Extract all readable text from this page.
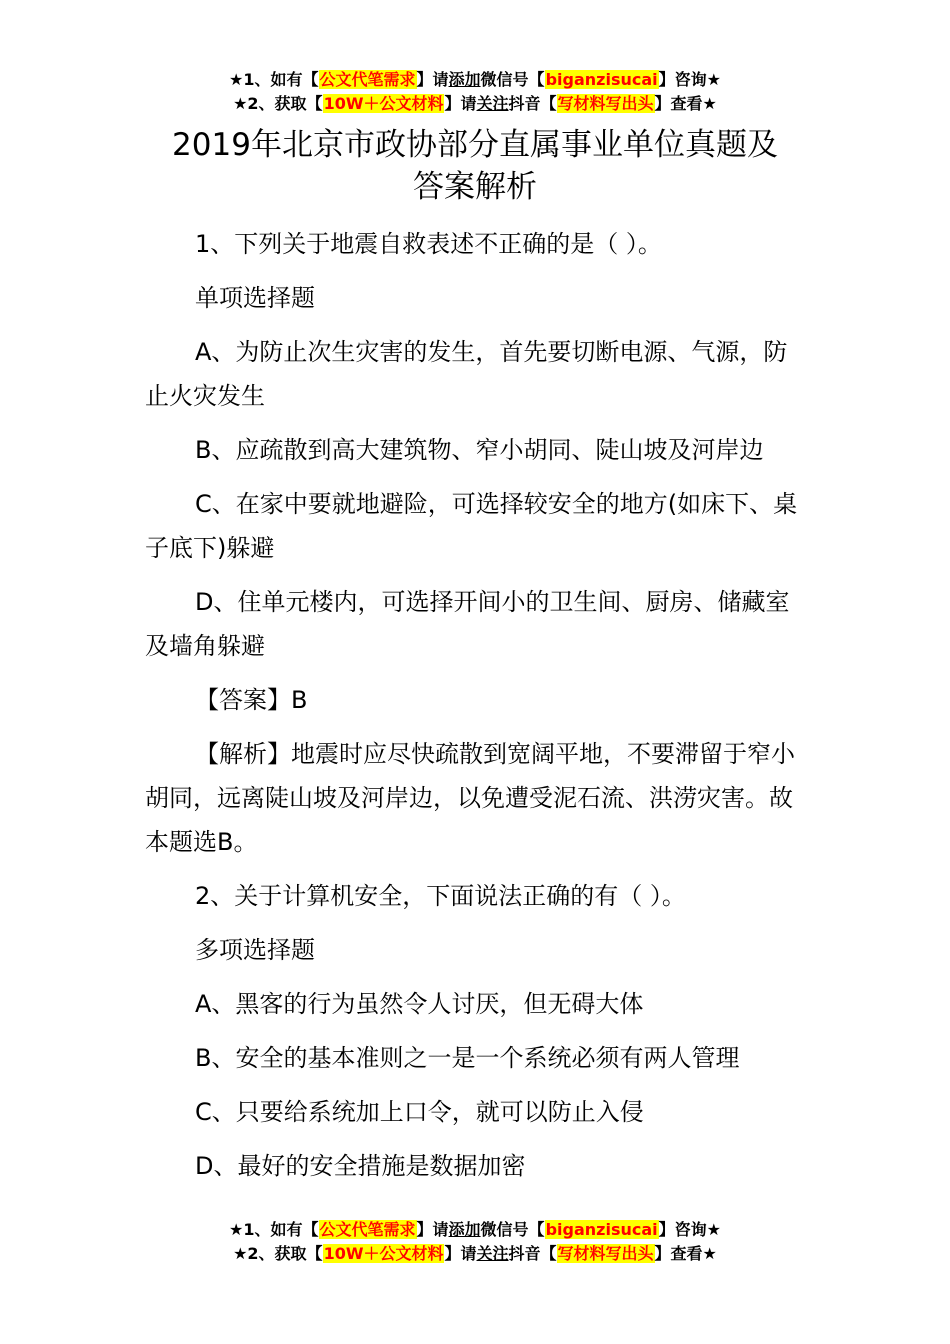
★1、如有【公文代笔需求】请添加微信号【biganzisucai】咨询★
★2、获取【10W＋公文材料】请关注抖音【写材料写出头】查看★
2019年北京市政协部分直属事业单位真题及
答案解析

1、下列关于地震自救表述不正确的是（ ）。

单项选择题

A、为防止次生灾害的发生，首先要切断电源、气源，防止火灾发生

B、应疏散到高大建筑物、窄小胡同、陡山坡及河岸边

C、在家中要就地避险，可选择较安全的地方(如床下、桌子底下)躲避

D、住单元楼内，可选择开间小的卫生间、厨房、储藏室及墙角躲避

【答案】B

【解析】地震时应尽快疏散到宽阔平地，不要滞留于窄小胡同，远离陡山坡及河岸边，以免遭受泥石流、洪涝灾害。故本题选B。

2、关于计算机安全，下面说法正确的有（ ）。

多项选择题

A、黑客的行为虽然令人讨厌，但无碍大体

B、安全的基本准则之一是一个系统必须有两人管理

C、只要给系统加上口令，就可以防止入侵

D、最好的安全措施是数据加密

★1、如有【公文代笔需求】请添加微信号【biganzisucai】咨询★
★2、获取【10W＋公文材料】请关注抖音【写材料写出头】查看★
